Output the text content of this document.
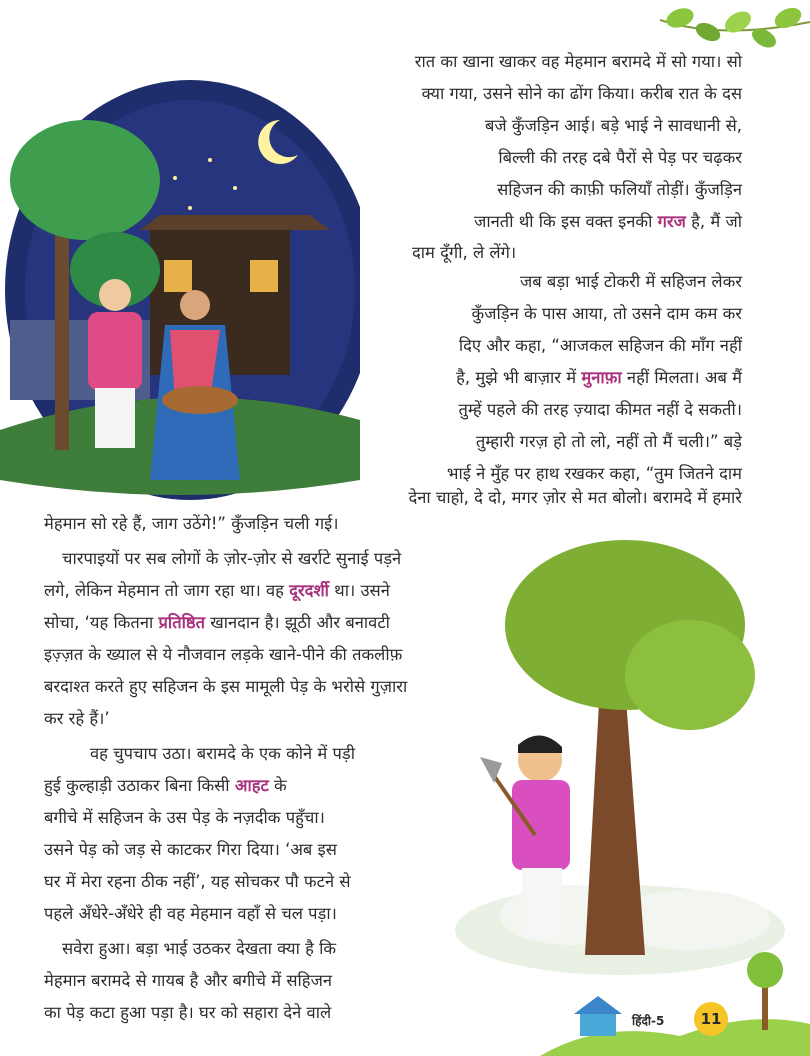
रात का खाना खाकर वह मेहमान बरामदे में सो गया। सो
क्या गया, उसने सोने का ढोंग किया। करीब रात के दस
बजे कुँजड़िन आई। बड़े भाई ने सावधानी से,
बिल्ली की तरह दबे पैरों से पेड़ पर चढ़कर
सहिजन की काफ़ी फलियाँ तोड़ीं। कुँजड़िन
जानती थी कि इस वक्त इनकी गरज है, मैं जो
दाम दूँगी, ले लेंगे।
जब बड़ा भाई टोकरी में सहिजन लेकर
कुँजड़िन के पास आया, तो उसने दाम कम कर
दिए और कहा, “आजकल सहिजन की माँग नहीं
है, मुझे भी बाज़ार में मुनाफ़ा नहीं मिलता। अब मैं
तुम्हें पहले की तरह ज़्यादा कीमत नहीं दे सकती।
तुम्हारी गरज़ हो तो लो, नहीं तो मैं चली।” बड़े
भाई ने मुँह पर हाथ रखकर कहा, “तुम जितने दाम
देना चाहो, दे दो, मगर ज़ोर से मत बोलो। बरामदे में हमारे
मेहमान सो रहे हैं, जाग उठेंगे!” कुँजड़िन चली गई।
चारपाइयों पर सब लोगों के ज़ोर-ज़ोर से खर्राटे सुनाई पड़ने
लगे, लेकिन मेहमान तो जाग रहा था। वह दूरदर्शी था। उसने
सोचा, ‘यह कितना प्रतिष्ठित खानदान है। झूठी और बनावटी
इज़्ज़त के ख्याल से ये नौजवान लड़के खाने-पीने की तकलीफ़
बरदाश्त करते हुए सहिजन के इस मामूली पेड़ के भरोसे गुज़ारा
कर रहे हैं।’
वह चुपचाप उठा। बरामदे के एक कोने में पड़ी
हुई कुल्हाड़ी उठाकर बिना किसी आहट के
बगीचे में सहिजन के उस पेड़ के नज़दीक पहुँचा।
उसने पेड़ को जड़ से काटकर गिरा दिया। ‘अब इस
घर में मेरा रहना ठीक नहीं’, यह सोचकर पौ फटने से
पहले अँधेरे-अँधेरे ही वह मेहमान वहाँ से चल पड़ा।
सवेरा हुआ। बड़ा भाई उठकर देखता क्या है कि
मेहमान बरामदे से गायब है और बगीचे में सहिजन
का पेड़ कटा हुआ पड़ा है। घर को सहारा देने वाले	हिंदी-5	11
